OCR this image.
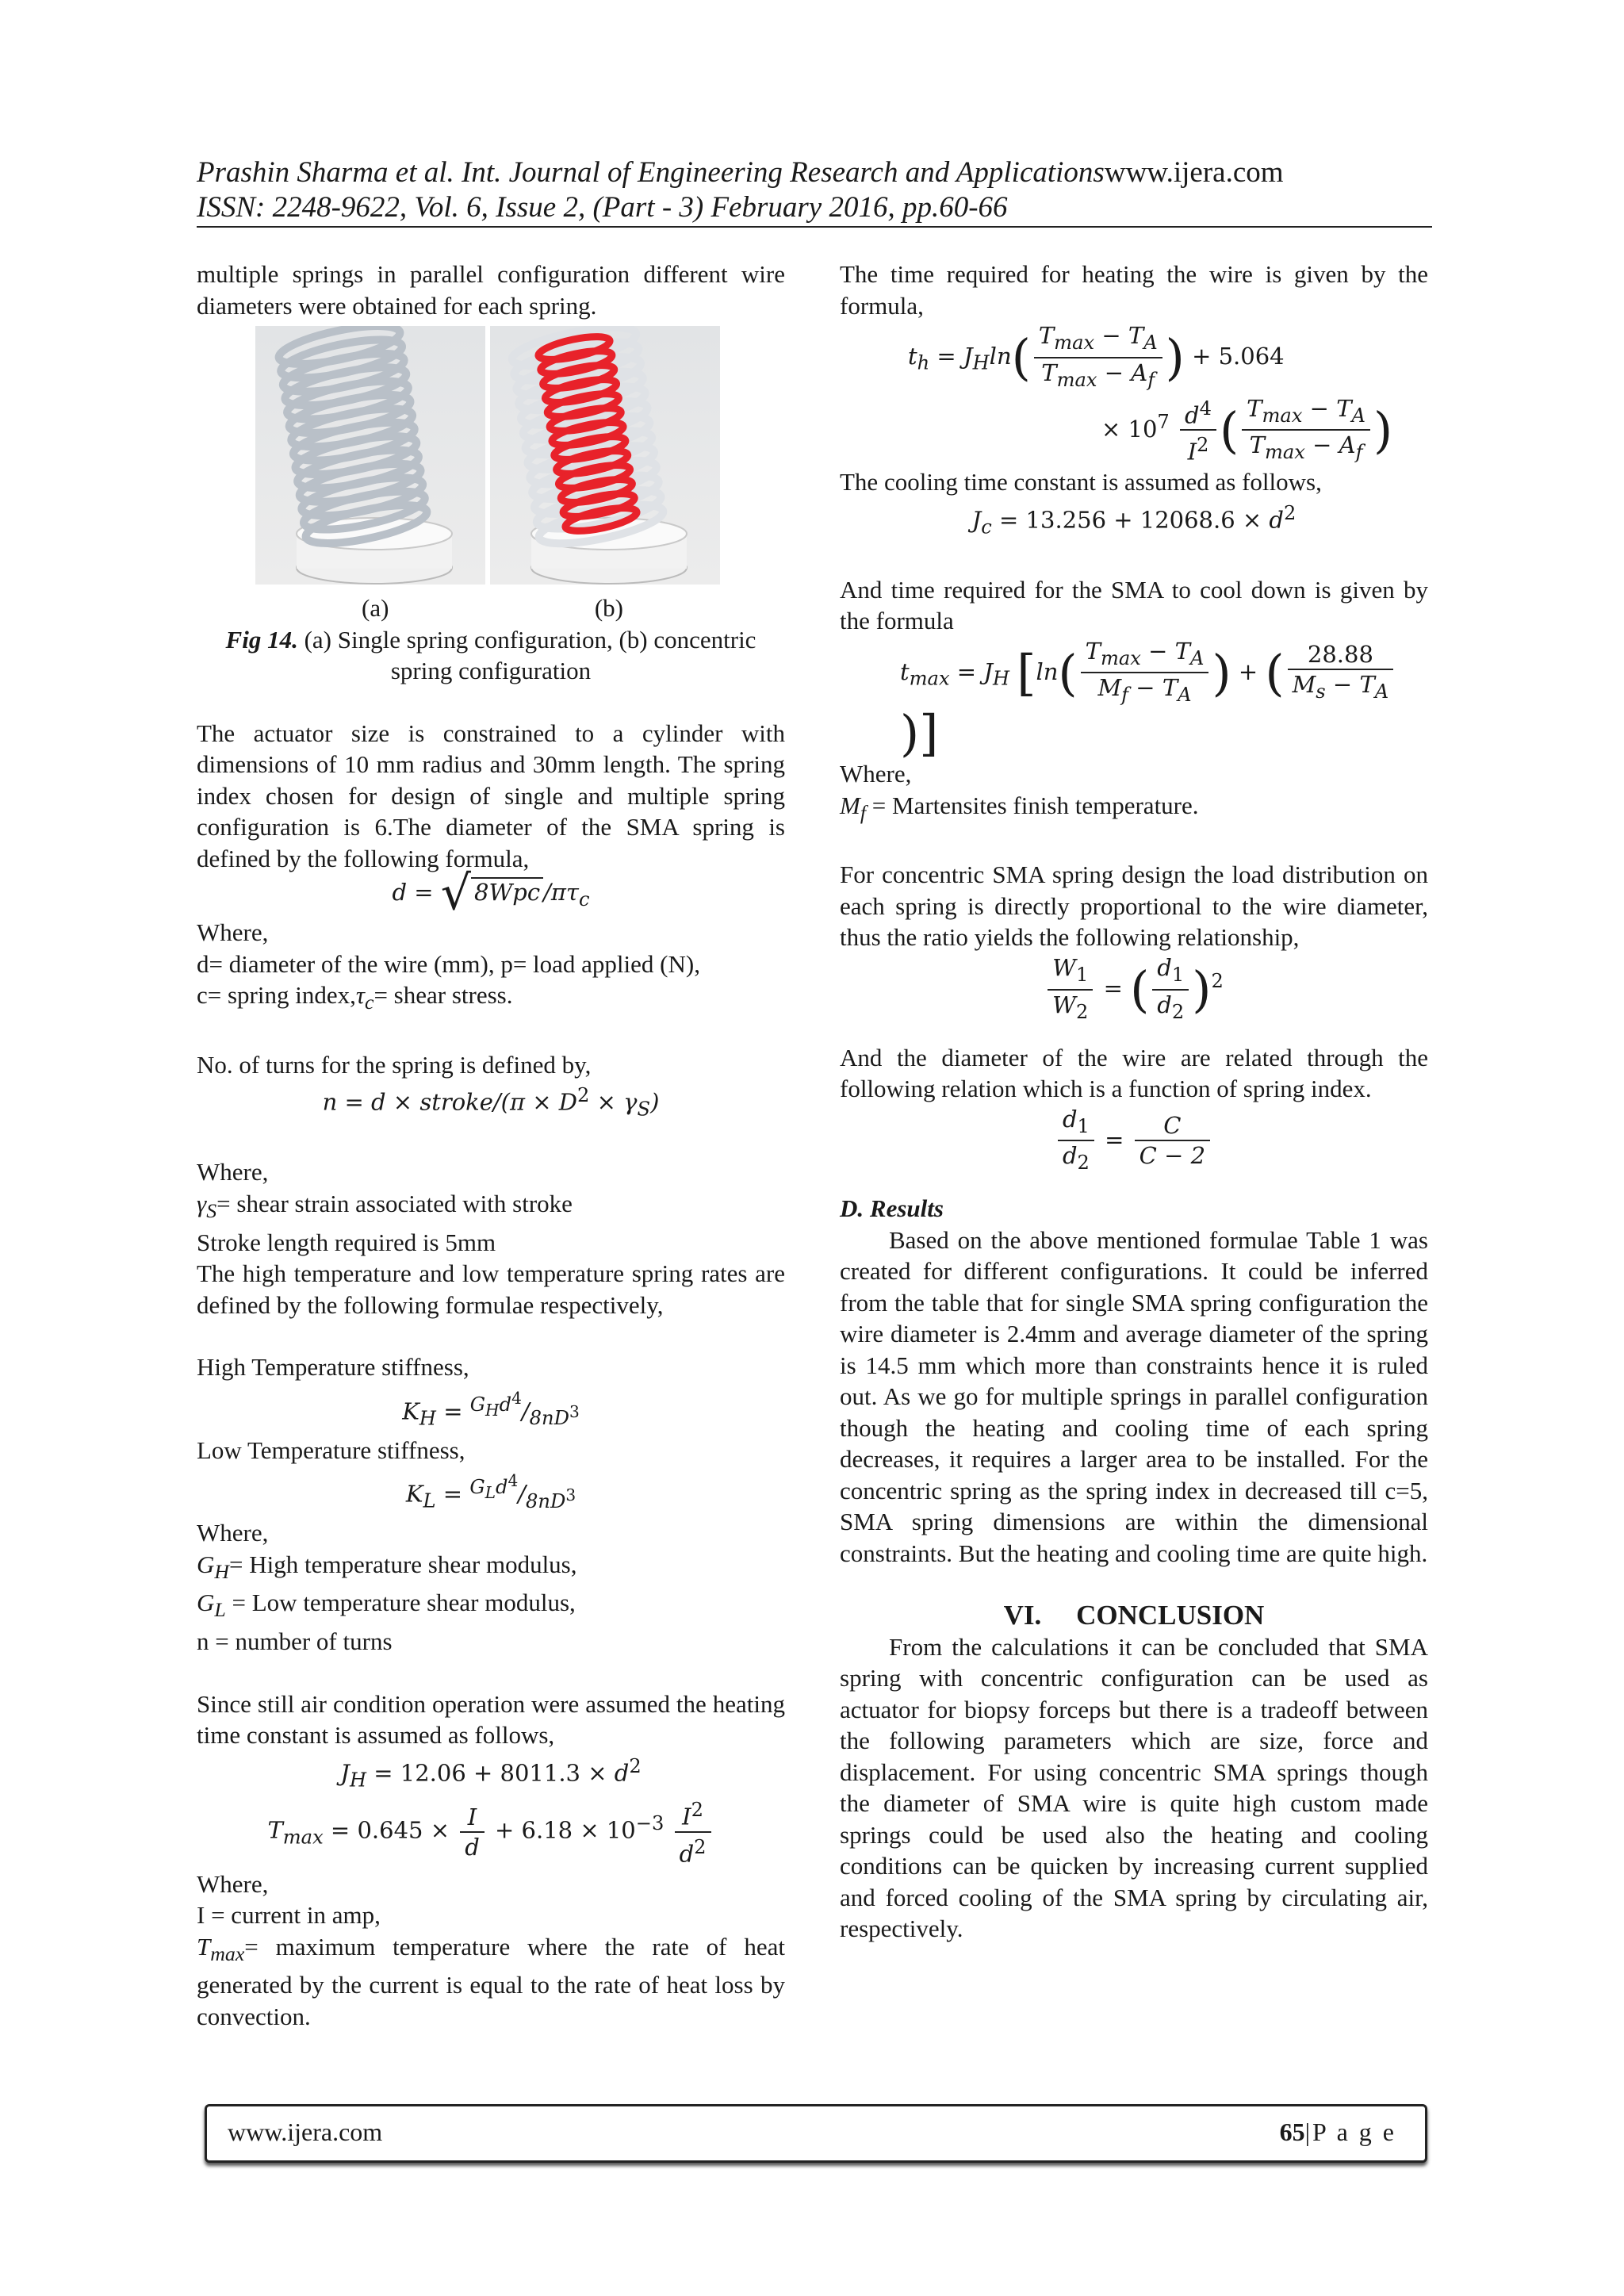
Prashin Sharma et al. Int. Journal of Engineering Research and Applicationswww.ijera.com
ISSN: 2248-9622, Vol. 6, Issue 2, (Part - 3) February 2016, pp.60-66

multiple springs in parallel configuration different wire diameters were obtained for each spring.

(a)	(b)

Fig 14. (a) Single spring configuration, (b) concentric spring configuration

The actuator size is constrained to a cylinder with dimensions of 10 mm radius and 30mm length. The spring index chosen for design of single and multiple spring configuration is 6.The diameter of the SMA spring is defined by the following formula,

d = √ 8Wpc $/\pi\tau_c$

Where,

d= diameter of the wire (mm), p= load applied (N),

c= spring $index,\tau_c=$ shear stress.

No. of turns for the spring is defined by,

n = d × stroke/(π × $D^2 \times \gamma_S$)

Where,

$\gamma_S=$ shear strain associated with stroke

Stroke length required is 5mm

The high temperature and low temperature spring rates are defined by the following formulae respectively,

High Temperature stiffness,

$K_H = ^{G_Hd^4}/_{8nD^3}$

Low Temperature stiffness,

$K_L = ^{G_Ld^4}/_{8nD^3}$

Where,

$G_H=$ High temperature shear modulus,

$G_L$ = Low temperature shear modulus,

n = number of turns

Since still air condition operation were assumed the heating time constant is assumed as follows,

$J_H = 12.06 + 8011.3 \times d^2$
$T_{max} = 0.645 \times \frac{I}{d} + 6.18 \times 10^{-3} \frac{I^2}{d^2}$

Where,

I = current in amp,

$T_{max}=$ maximum temperature where the rate of heat generated by the current is equal to the rate of heat loss by convection.

The time required for heating the wire is given by the formula,

$t_h = J_H\ln( \frac{T_{max} - T_A}{T_{max} - A_f}$ ) + 5.064
× $10^7 \frac{d^4}{I^2}$ ( $\frac{T_{max} - T_A}{T_{max} - A_f}$ )

The cooling time constant is assumed as follows,

$J_c = 13.256 + 12068.6 \times d^2$

And time required for the SMA to cool down is given by the formula

$t_{max} = J_H$ [$\ln( \frac{T_{max} - T_A}{M_f - T_A}$ ) + ( $\frac{28.88}{M_s - T_A}$
)]

Where,

$M_f$ = Martensites finish temperature.

For concentric SMA spring design the load distribution on each spring is directly proportional to the wire diameter, thus the ratio yields the following relationship,

$\frac{W_1}{W_2}$ = ( $\frac{d_1}{d_2} )^2$

And the diameter of the wire are related through the following relation which is a function of spring index.

$\frac{d_1}{d_2} = \frac{C}{C - 2}$

D. Results

Based on the above mentioned formulae Table 1 was created for different configurations. It could be inferred from the table that for single SMA spring configuration the wire diameter is 2.4mm and average diameter of the spring is 14.5 mm which more than constraints hence it is ruled out. As we go for multiple springs in parallel configuration though the heating and cooling time of each spring decreases, it requires a larger area to be installed. For the concentric spring as the spring index in decreased till c=5, SMA spring dimensions are within the dimensional constraints. But the heating and cooling time are quite high.

VI. CONCLUSION

From the calculations it can be concluded that SMA spring with concentric configuration can be used as actuator for biopsy forceps but there is a tradeoff between the following parameters which are size, force and displacement. For using concentric SMA springs though the diameter of SMA wire is quite high custom made springs could be used also the heating and cooling conditions can be quicken by increasing current supplied and forced cooling of the SMA spring by circulating air, respectively.

www.ijera.com	65|P a g e
